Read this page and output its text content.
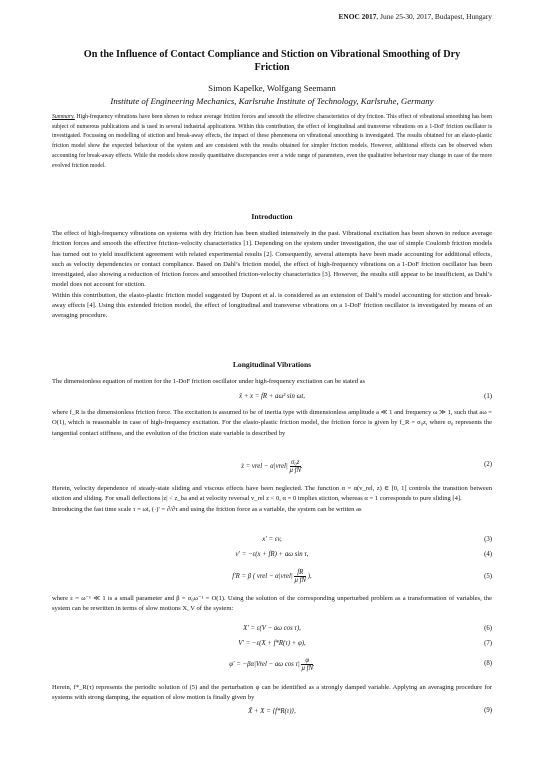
ENOC 2017, June 25-30, 2017, Budapest, Hungary
On the Influence of Contact Compliance and Stiction on Vibrational Smoothing of Dry
Friction
Simon Kapelke, Wolfgang Seemann
Institute of Engineering Mechanics, Karlsruhe Institute of Technology, Karlsruhe, Germany
Summary. High-frequency vibrations have been shown to reduce average friction forces and smooth the effective characteristics of dry friction. This effect of vibrational smoothing has been subject of numerous publications and is used in several industrial applications. Within this contribution, the effect of longitudinal and transverse vibrations on a 1-DoF friction oscillator is investigated. Focussing on modelling of stiction and break-away effects, the impact of these phenomena on vibrational smoothing is investigated. The results obtained for an elasto-plastic friction model show the expected behaviour of the system and are consistent with the results obtained for simpler friction models. However, additional effects can be observed when accounting for break-away effects. While the models show mostly quantitative discrepancies over a wide range of parameters, even the qualitative behaviour may change in case of the more evolved friction model.
Introduction

The effect of high-frequency vibrations on systems with dry friction has been studied intensively in the past. Vibrational excitation has been shown to reduce average friction forces and smooth the effective friction–velocity characteristics [1]. Depending on the system under investigation, the use of simple Coulomb friction models has turned out to yield insufficient agreement with related experimental results [2]. Consequently, several attempts have been made accounting for additional effects, such as velocity dependencies or contact compliance. Based on Dahl’s friction model, the effect of high-frequency vibrations on a 1-DoF friction oscillator has been investigated, also showing a reduction of friction forces and smoothed friction-velocity characteristics [3]. However, the results still appear to be insufficient, as Dahl’s model does not account for stiction.

Within this contribution, the elasto-plastic friction model suggested by Dupont et al. is considered as an extension of Dahl’s model accounting for stiction and break-away effects [4]. Using this extended friction model, the effect of longitudinal and transverse vibrations on a 1-DoF friction oscillator is investigated by means of an averaging procedure.

Longitudinal Vibrations
The dimensionless equation of motion for the 1-DoF friction oscillator under high-frequency excitation can be stated as
ẍ + x = fR + aω² sin ωt,	(1)
where f_R is the dimensionless friction force. The excitation is assumed to be of inertia type with dimensionless amplitude a ≪ 1 and frequency ω ≫ 1, such that aω = O(1), which is reasonable in case of high-frequency excitation. For the elasto-plastic friction model, the friction force is given by f_R = σ₀z, where σ₀ represents the tangential contact stiffness, and the evolution of the friction state variable is described by
ż = vrel − α|vrel| $\frac{\text{σ₀z}}{\text{μ fN}}$ .	(2)

Herein, velocity dependence of steady-state sliding and viscous effects have been neglected. The function α = α(v_rel, z) ∈ [0, 1] controls the transition between stiction and sliding. For small deflections |z| < z_ba and at velocity reversal v_rel z < 0, α = 0 implies stiction, whereas α = 1 corresponds to pure sliding [4].

Introducing the fast time scale τ = ωt, (·)′ = ∂/∂τ and using the friction force as a variable, the system can be written as

x′ = εv,	(3)
v′ = −ε(x + fR) + aω sin τ,	(4)
f′R = β ( vrel − α|vrel| $\frac{fR}{\text{μ fN}}$ ),	(5)
where ε = ω⁻¹ ≪ 1 is a small parameter and β = σ₀ω⁻¹ = O(1). Using the solution of the corresponding unperturbed problem as a transformation of variables, the system can be rewritten in terms of slow motions X, V of the system:
X′ = ε(V − aω cos τ),	(6)
V′ = −ε(X + f*R(τ) + φ),	(7)
φ′ = −βα|Vrel − aω $\cos \tau| \frac{\varphi}{\text{μ fN}}$ .	(8)
Herein, f*_R(τ) represents the periodic solution of (5) and the perturbation φ can be identified as a strongly damped variable. Applying an averaging procedure for systems with strong damping, the equation of slow motion is finally given by
X̃ + X = ⟨f*R(τ)⟩,	(9)
